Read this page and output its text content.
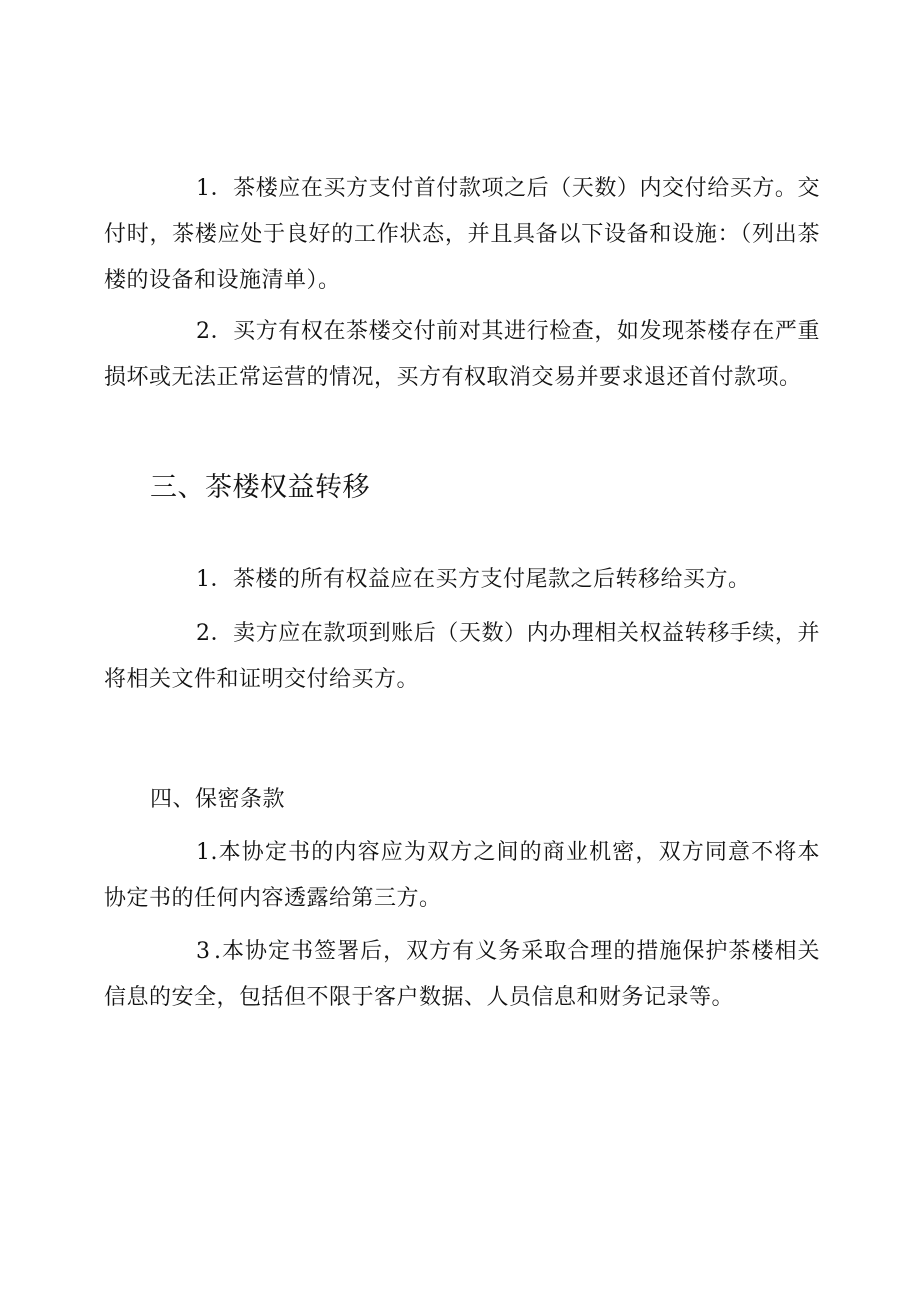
1．茶楼应在买方支付首付款项之后（天数）内交付给买方。交付时，茶楼应处于良好的工作状态，并且具备以下设备和设施：（列出茶楼的设备和设施清单）。

2．买方有权在茶楼交付前对其进行检查，如发现茶楼存在严重损坏或无法正常运营的情况，买方有权取消交易并要求退还首付款项。

三、茶楼权益转移

1．茶楼的所有权益应在买方支付尾款之后转移给买方。

2．卖方应在款项到账后（天数）内办理相关权益转移手续，并将相关文件和证明交付给买方。

四、保密条款

1.本协定书的内容应为双方之间的商业机密，双方同意不将本协定书的任何内容透露给第三方。

3 .本协定书签署后，双方有义务采取合理的措施保护茶楼相关信息的安全，包括但不限于客户数据、人员信息和财务记录等。
